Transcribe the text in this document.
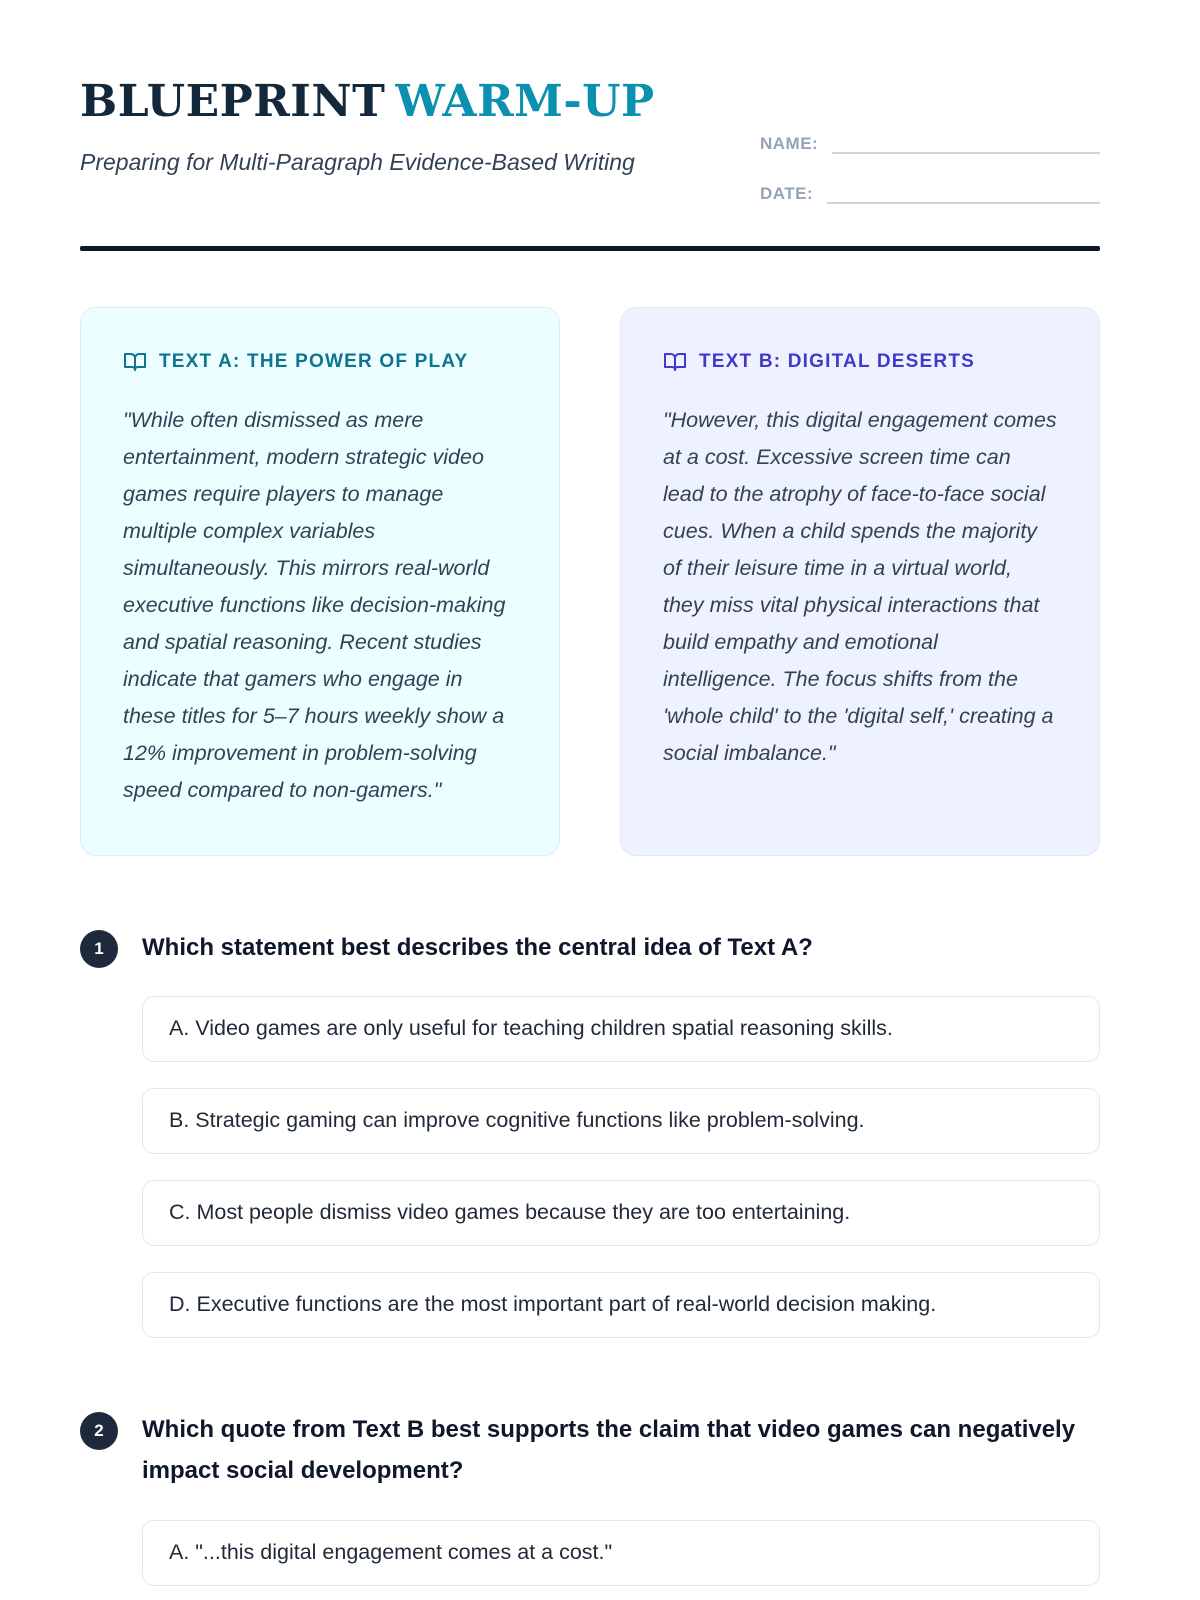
BLUEPRINT WARM-UP
Preparing for Multi-Paragraph Evidence-Based Writing
NAME:
DATE:
TEXT A: THE POWER OF PLAY
"While often dismissed as mere entertainment, modern strategic video games require players to manage multiple complex variables simultaneously. This mirrors real-world executive functions like decision-making and spatial reasoning. Recent studies indicate that gamers who engage in these titles for 5–7 hours weekly show a 12% improvement in problem-solving speed compared to non-gamers."
TEXT B: DIGITAL DESERTS
"However, this digital engagement comes at a cost. Excessive screen time can lead to the atrophy of face-to-face social cues. When a child spends the majority of their leisure time in a virtual world, they miss vital physical interactions that build empathy and emotional intelligence. The focus shifts from the 'whole child' to the 'digital self,' creating a social imbalance."
1	Which statement best describes the central idea of Text A?
A. Video games are only useful for teaching children spatial reasoning skills.
B. Strategic gaming can improve cognitive functions like problem-solving.
C. Most people dismiss video games because they are too entertaining.
D. Executive functions are the most important part of real-world decision making.
2	Which quote from Text B best supports the claim that video games can negatively impact social development?
A. "...this digital engagement comes at a cost."
